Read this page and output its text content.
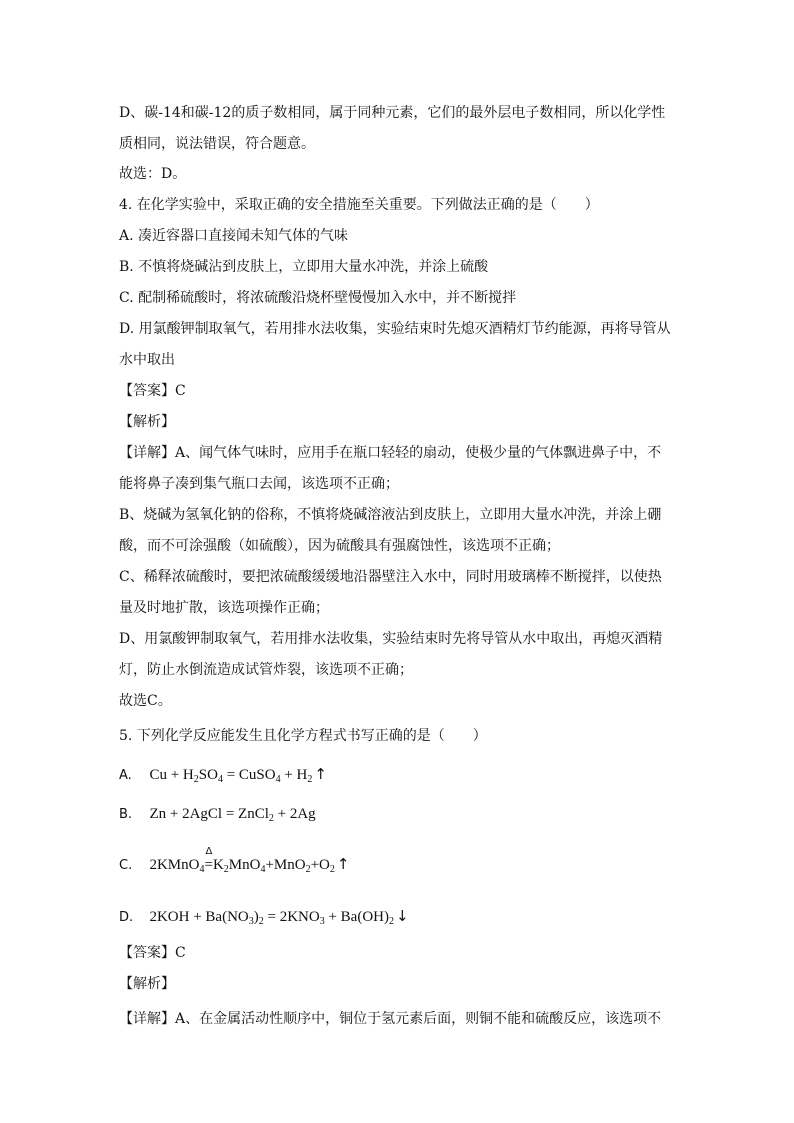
D、碳-14和碳-12的质子数相同，属于同种元素，它们的最外层电子数相同，所以化学性
质相同，说法错误，符合题意。
故选：D。
4. 在化学实验中，采取正确的安全措施至关重要。下列做法正确的是（　　）
A. 凑近容器口直接闻未知气体的气味
B. 不慎将烧碱沾到皮肤上，立即用大量水冲洗，并涂上硫酸
C. 配制稀硫酸时，将浓硫酸沿烧杯壁慢慢加入水中，并不断搅拌
D. 用氯酸钾制取氧气，若用排水法收集，实验结束时先熄灭酒精灯节约能源，再将导管从
水中取出
【答案】C
【解析】
【详解】A、闻气体气味时，应用手在瓶口轻轻的扇动，使极少量的气体飘进鼻子中，不
能将鼻子凑到集气瓶口去闻，该选项不正确；
B、烧碱为氢氧化钠的俗称，不慎将烧碱溶液沾到皮肤上，立即用大量水冲洗，并涂上硼
酸，而不可涂强酸（如硫酸），因为硫酸具有强腐蚀性，该选项不正确；
C、稀释浓硫酸时，要把浓硫酸缓缓地沿器壁注入水中，同时用玻璃棒不断搅拌，以使热
量及时地扩散，该选项操作正确；
D、用氯酸钾制取氧气，若用排水法收集，实验结束时先将导管从水中取出，再熄灭酒精
灯，防止水倒流造成试管炸裂，该选项不正确；
故选C。
5. 下列化学反应能发生且化学方程式书写正确的是（　　）
A. $Cu + H_2SO_4$ = CuSO$_4$ + $H_2$ ↑
B. Zn + 2AgCl = ZnCl$_2$ + 2Ag
C. 2KMnO$_4$
Δ
$=K_2MnO_4+MnO_2+O_2$ ↑
D. $2KOH + Ba(NO_3)_2 = 2KNO_3 + Ba(OH)_2$ ↓
【答案】C
【解析】
【详解】A、在金属活动性顺序中，铜位于氢元素后面，则铜不能和硫酸反应，该选项不
